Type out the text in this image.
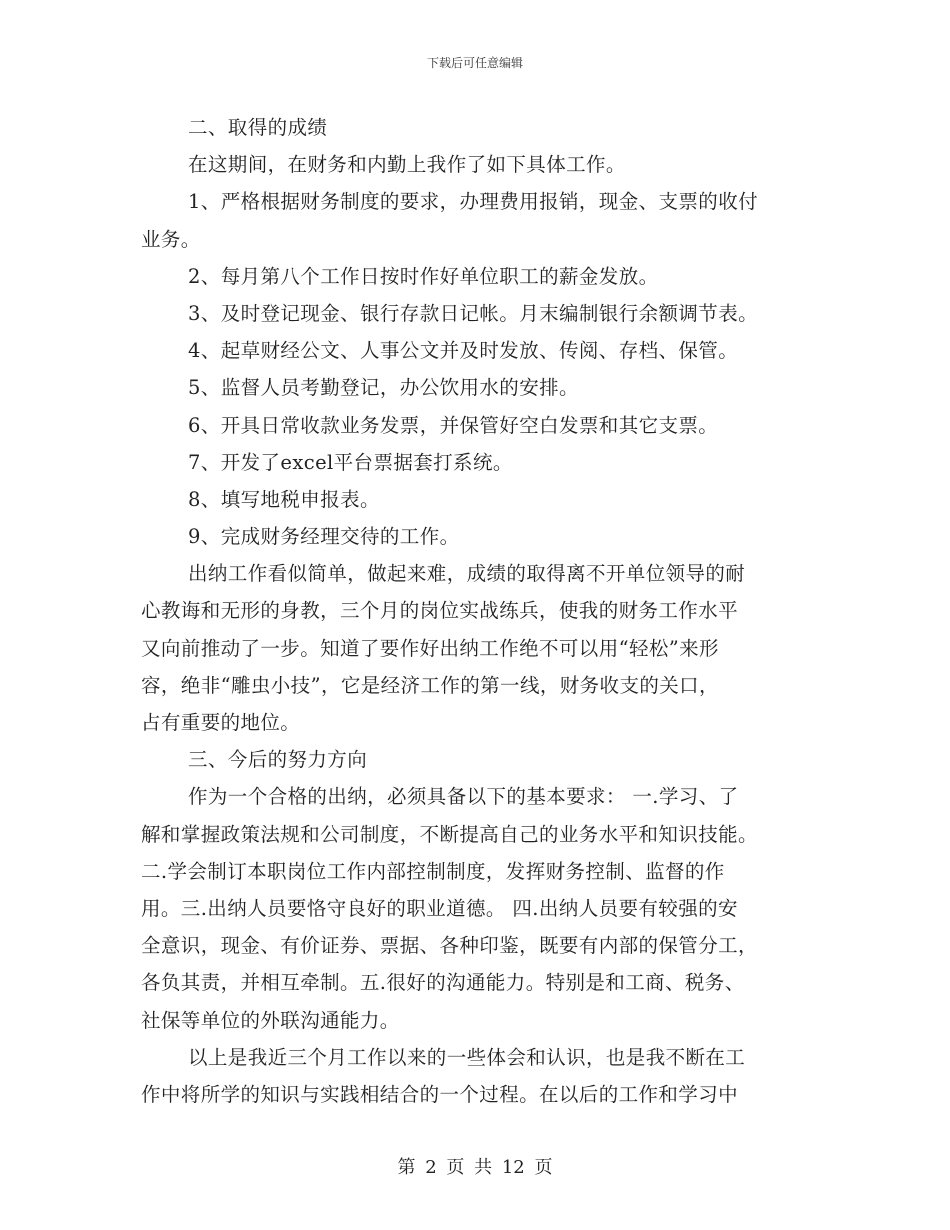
下载后可任意编辑
二、取得的成绩
在这期间，在财务和内勤上我作了如下具体工作。
1、严格根据财务制度的要求，办理费用报销，现金、支票的收付
业务。
2、每月第八个工作日按时作好单位职工的薪金发放。
3、及时登记现金、银行存款日记帐。月末编制银行余额调节表。
4、起草财经公文、人事公文并及时发放、传阅、存档、保管。
5、监督人员考勤登记，办公饮用水的安排。
6、开具日常收款业务发票，并保管好空白发票和其它支票。
7、开发了excel平台票据套打系统。
8、填写地税申报表。
9、完成财务经理交待的工作。
出纳工作看似简单，做起来难，成绩的取得离不开单位领导的耐
心教诲和无形的身教，三个月的岗位实战练兵，使我的财务工作水平
又向前推动了一步。知道了要作好出纳工作绝不可以用“轻松”来形
容，绝非“雕虫小技”，它是经济工作的第一线，财务收支的关口，
占有重要的地位。
三、今后的努力方向
作为一个合格的出纳，必须具备以下的基本要求： 一.学习、了
解和掌握政策法规和公司制度，不断提高自己的业务水平和知识技能。
二.学会制订本职岗位工作内部控制制度，发挥财务控制、监督的作
用。三.出纳人员要恪守良好的职业道德。 四.出纳人员要有较强的安
全意识，现金、有价证券、票据、各种印鉴，既要有内部的保管分工，
各负其责，并相互牵制。五.很好的沟通能力。特别是和工商、税务、
社保等单位的外联沟通能力。
以上是我近三个月工作以来的一些体会和认识，也是我不断在工
作中将所学的知识与实践相结合的一个过程。在以后的工作和学习中
第 2 页 共 12 页
